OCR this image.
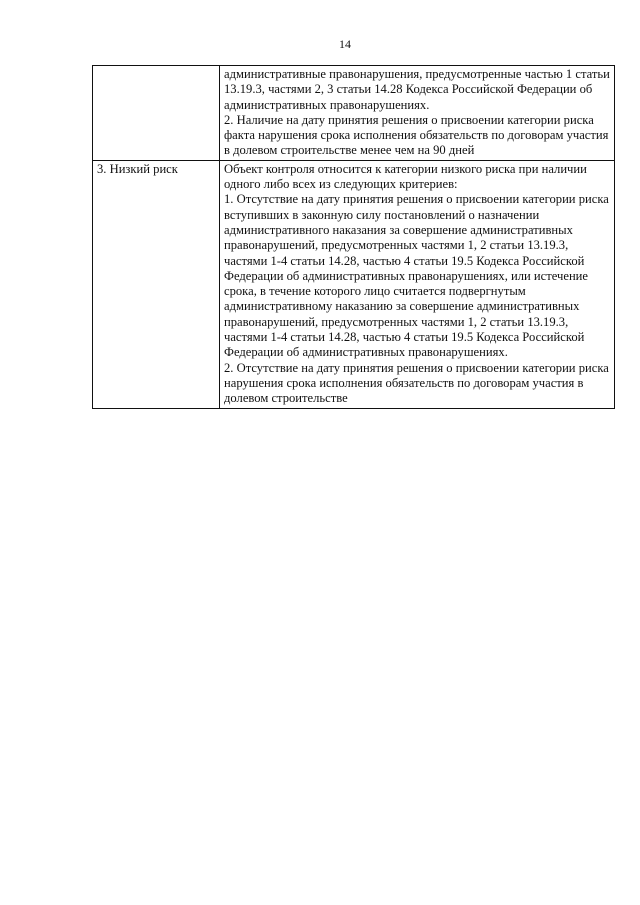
14

	административные правонарушения, предусмотренные частью 1 статьи 13.19.3, частями 2, 3 статьи 14.28 Кодекса Российской Федерации об административных правонарушениях.
2. Наличие на дату принятия решения о присвоении категории риска факта нарушения срока исполнения обязательств по договорам участия в долевом строительстве менее чем на 90 дней

3. Низкий риск	Объект контроля относится к категории низкого риска при наличии одного либо всех из следующих критериев:
1. Отсутствие на дату принятия решения о присвоении категории риска вступивших в законную силу постановлений о назначении административного наказания за совершение административных правонарушений, предусмотренных частями 1, 2 статьи 13.19.3, частями 1-4 статьи 14.28, частью 4 статьи 19.5 Кодекса Российской Федерации об административных правонарушениях, или истечение срока, в течение которого лицо считается подвергнутым административному наказанию за совершение административных правонарушений, предусмотренных частями 1, 2 статьи 13.19.3, частями 1-4 статьи 14.28, частью 4 статьи 19.5 Кодекса Российской Федерации об административных правонарушениях.
2. Отсутствие на дату принятия решения о присвоении категории риска нарушения срока исполнения обязательств по договорам участия в долевом строительстве
